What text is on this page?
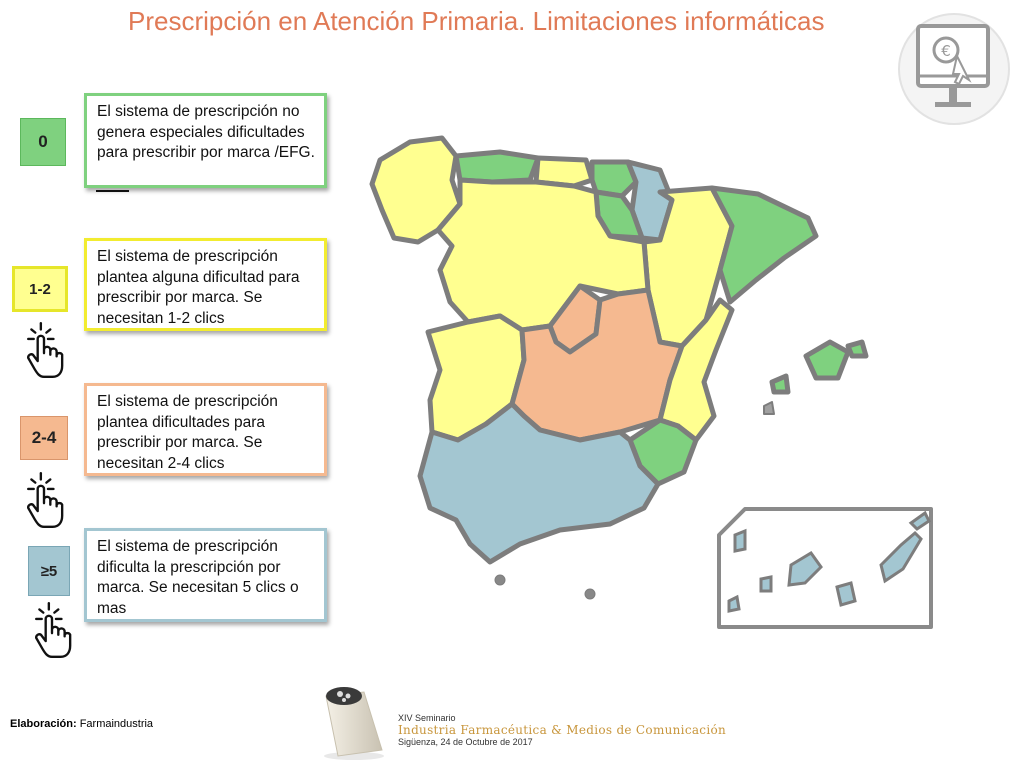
Prescripción en Atención Primaria. Limitaciones informáticas
€
0
1-2
2-4
≥5
El sistema de prescripción no genera especiales dificultades para prescribir por marca /EFG.
El sistema de prescripción plantea alguna dificultad para prescribir por marca. Se necesitan 1-2 clics
El sistema de prescripción plantea dificultades para prescribir por marca. Se necesitan 2-4 clics
El sistema de prescripción dificulta la prescripción por marca. Se necesitan 5 clics o mas
XIV Seminario
Industria Farmacéutica & Medios de Comunicación
Sigüenza, 24 de Octubre de 2017
Elaboración: Farmaindustria
